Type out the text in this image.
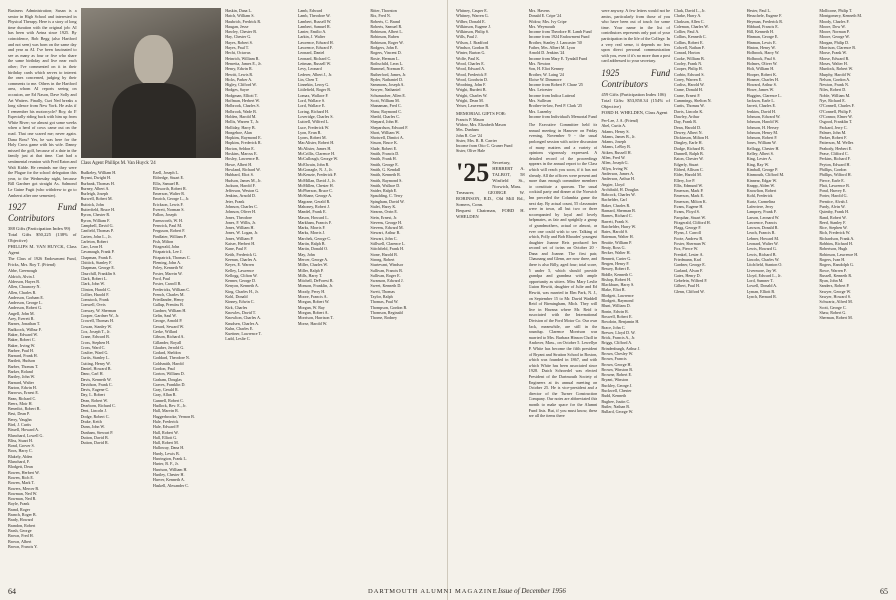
Business Administration; Susan is a senior in High School and interested in Physical Therapy. Here is a story of long time duration with the original job: AI has been with Aetna since 1925. By coincidence, Bob Begg (also Hartford and not seen) was born on the same day and year as AI. I've been fascinated to see as many as four or five who share the same birthday and live near each other; I've commented on it in their birthday cards which serves to interest the ones concerned, judging by their comments to me. Others in the Hartford area, whom AI reports seeing on occasion, are Ed Nason, Dave Solly and Art Watters. Finally, Curt Ned breaks a long silence from New York. He asks if I remember his motorcycle? Boy, do I! Especially riding back with him up from White River; we almost got some weeks when a herd of cows came out on the road. That one scared me; never again. Dana Boss? Yes, he was here for the Holy Cross game with his wife. Danny missed the golf, because of a date in the family just at that time. Curt had a sentimental reunion with Fred Eaton and Walt Kidde. He reminds me they were the Plague for the school delegation this year, to the Wednesday night, because Bill Gardner got straight As. Salmond Le Guine Fugit (who withdrew to go to Amherst after one semester).

1927 Fund Contributors
388 Gifts (Participation Index 99)
Total Gifts $50,225 (138% of Objective)
PHILLIPS M. VAN HUYCK, Class Agent

The Class of 1926 Endowment Fund, Fricks, Mrs. Roy T. (Friend)

Abbe, Greenough
Aldrich, Alvin J.
Alderson, Hayes B.
Allen, Chauncey N.
Allen, Charles R.
Anderson, Gorham E.
Anderson, George L.
Anderson, Robert G.
Angell, John M.
Arey, Everett R.
Barnes, Jonathan T.
Badkcock, Wilbur F.
Baker, Edward W.
Baker, Robert C.
Baker, Irving W.
Barbee, Paul H.
Barnard, Frank H.
Bartlett, Hudson
Barber, Thomas T.
Barker, Roland
Bartley, John W.
Barnard, Walter
Barton, Edwin H.
Barrows, Ernest E.
Bean, Richard C.
Beers, Moir H.
Benedict, Robert R.
Best, Dean P.
Berry, Vaughn
Bird, J. Curtis
Bissell, Howard A.
Blanchard, Lowell G.
Bliss, Stuart H.
Bond, Grover S.
Boos, Harry C.
Blakely, Alden
Blanchard, F.
Blodgett, Dean
Bowen, Herbert W.
Bowen, Rich E.
Bowen, Mark T.
Bowers, Mercer B.
Bowman, Ned W.
Bowman, Ned R.
Boyle, Frank
Brand, Roger
Branch, Roger B.
Brady, Howard
Brandon, Robert
Brash, George
Brown, Fred H.
Brown, Albert
Brown, Francis Y.
Class Agent Phillips M. Van Huyck '24
Budkeley, William H.
Bryant, Dwight H.
Burbank, Thomas H.
Burney, Albert A.
Burleigh, Joseph
Burwell, Robert M.
Buttrick, John
Butterfield, Bruce H.
Byron, Chester R.
Byron, William F.
Campbell, David G.
Canfield, Thomas P.
Carten, John L., Jr.
Carleton, Robert
Carr, Leon H.
Cavanaugh, Frank P.
Chapman, Frank E.
Chittick, Stanley F.
Chapman, George E.
Churchill, Franklin S.
Clark, Robert L.
Clark, John W.
Clinton, Harold C.
Collier, Harold F.
Comstock, Frank
Conwell, Orvis
Conway, W. Sherman
Cooper, Gardner W., Jr.
Crowell, Thomas H.
Cowan, Stanley W.
Cox, Joseph T., Jr.
Crane, Edward B.
Cross, Stephen H.
Cross, Ward C.
Coulter, Ward G.
Curtis, Stanley L.
Cutting, Henry W.
Daniel, Howard B.
Dano, Carl H.
Davis, Kenneth W.
Davidson, Frank C.
Davis, Eugene C.
Day, L. Robert
Dean, Robert W.
Dearborn, Richard C.
Dent, Lincoln J.
Dodge, Robert C.
Drake, Keith
Dunn, John W.
Dunham, Stewart P.
Dutton, David B.
Dutton, David R.
Ezell, Joseph L.
Eldredge, Stuart E.
Ellis, Samuel B.
Ellsworth, Robert R.
Emerson, Walter R.
Emrich, George L., Jr.
Erickson, Lewis F.
Everett, Norman S.
Fallon, Joseph
Farnsworth, W. H.
Fenwick, Paul M.
Ferguson, Robert F.
Findlater, William P.
Fish, Milton
Fitzgerald, John
Fitzpatrick, Lee J.
Fitzpatrick, Thomas C.
Fleming, John A.
Foley, Kenneth W.
Foster, Marvin W.
Ford, Paul
Foster, Carroll B.
Fredericks, William C.
French, Charles M.
Friedlander, Henry
Gallup, Prentiss B.
Gardner, William H.
Gelin, Saul W.
George, Arnold P.
Gerard, Seward W.
Gerke, Willard
Gibson, Richard A.
Gillander, Royall
Glauber, Jerrold G.
Godard, Sheldon
Goddard, Theodore N.
Goldsmith, Harold
Gordon, Paul
Gorton, William D.
Graham, Douglas
Graves, Franklin D.
Gray, Gerald R.
Gray, Allan R.
Gunnell, Robert C.
Hadlock, Rev. E., Jr.
Hall, Marvin R.
Haggerbrooke, Vernon B.
Hale, Frederick
Hale, Edward P.
Hall, Robert W.
Hall, Elliott G.
Hall, Robert M.
Halloway, Dana H.
Hardy, Lewis B.
Harrington, Frank L.
Harter, B. F., Jr.
Harrison, William H.
Hartley, Chester H.
Harver, Kenneth A.
Haskell, Alexander C.
Haskin, Dana L.
Hatch, William S.
Haubrich, Fredrick R.
Haugan, Jesse
Hawley, Chester B.
Hay, Chester G.
Hayes, Robert S.
Hayes, Paul T.
Hecht, Octavus
Heinrich, William R.
Henretta, James E., Jr.
Henry, Edwin R.
Hewitt, Lewis R.
Hicks, Parker A.
Higley, Clifford W.
Hodges, Sayre
Hodgman, Elliott T.
Hoffman, Herbert W.
Holbrook, Charles S.
Holbrook, Wade B.
Holden, Harold M.
Hollis, Warren T., Jr.
Holliday, Harry B.
Hongeboe, Alan
Hopkins, Raymond E.
Hopkins, Frederick R.
Horton, Seldon E.
Hoskins, Marcus E.
Hosley, Lawrence B.
Howe, Albert H.
Howland, Richard W.
Hubbard, Eliot S.
Hudson, James M., Jr.
Jackson, Harold F.
Jefferson, Weston G.
Jenkins, Arnold D.
Jeter, Frank
Johnson, Charles C.
Johnson, Oliver H.
Jones, Theodore
Jones, F. Willis, Jr.
Jones, William H.
Jones, W. Logan, Jr.
Jones, William P.
Kaiser, Herbert H.
Kane, Paul F.
Keith, Frederick G.
Keenan, Charles A.
Keyes, E. Warren
Kelley, Lawrence
Kellogg, Clifton W.
Kenner, George D.
Kenyon, Kenneth A.
King, Charles H., Jr.
Kohl, Donald
Kinney, Edwin C.
Kirk, Charles
Knowles, David T.
Knowlton, Charles A.
Knudsen, Charles A.
Kuhn, Charles E.
Kuettner, Lawrence T.
Ladd, Leslie C.
Lamb, Edward
Lamb, Theodore W.
Lambert, Russell W.
Lambert, Samuel R.
Lanier, Emilio A.
Larkin, J. Walter
Lawrence, Edward H.
Lawrence, Edward F.
Leonard, Daniel
Leonard, Richard C.
Lettman, Russell W.
Levy, Leonard
Lederer, Albert J., Jr.
Lin, Chen T.
Linnekin, Leroy G.
Littlefield, Roger B.
Lomax, Wallace F.
Lord, Wallace S.
Lord, Wallace E.
Loring, Richard H.
Loveridge, Charles S.
Luttrell, Wilfred L.
Luce, Frederick W.
Lyon, Evan R.
Lyons, Robert M.
MacAlister, Robert H.
McAlister, James H.
McCrillis, Clarence H.
McCullough, George W.
McElwain, John R.
McGonagle, N. J., Jr.
McKenzie, Frederick P.
McMillan, David J., Jr.
McMillen, Chester H.
McPherson, Bruce C.
McShane, George A.
Magrane, Gerald R.
Mahoney, Robert J.
Mandel, Frank E.
Mason, Howard L.
Markham, Francis F.
Marks, Morris F.
Marks, Morris J.
Marchek, George C.
Martin, Ralph B.
Martin, Donald O.
May, John
Mercer, George A.
Miller, Charles W.
Miller, Ralph P.
Mills, Harry T.
Mitchell, DeForest B.
Monson, Franklin, Jr.
Moody, Perry H.
Moore, Francis A.
Morgan, Robert W.
Morgan, W. Ray
Morgan, Robert A.
Morrison, Harrison T.
Morse, Harold W.
Ritter, Thornton
Rix, Fred N.
Roberts, C. Brand
Roberts, Samuel R.
Robinson, Albert L.
Robinson, Ruben
Robinson, Roger W.
Rodgers, John E.
Rogers, Vincent D.
Rosie, Herman L.
Rothschild, Leon L.
Rummel, Norman E.
Rutherford, James, Jr.
Ryder, Nathaniel D.
Sammons, Joseph A.
Sawyer, Nathaniel
Schumacher, Allen E.
Scott, William M.
Shanaman, Fred C.
Shaw, Raymond C.
Shedd, Charles C.
Shepard, John H.
Shepardson, Edward F.
Short, William W.
Shotwell, Dimitri A.
Sisson, Bruce K.
Slade, Robert E.
Smith, Francis D.
Smith, Frank H.
Smith, George E.
Smith, G. Kendall
Smith, Kenneth R.
Smith, Raymond S.
Smith, Wallace D.
Snider, Ralph E.
Spaulding, C. Terry
Spingham, David W.
Stalet, Harry K.
Stearns, Orrin E.
Stein, Ernest, Jr.
Stevens, George H.
Stevens, Edward M.
Stewart, Arthur B.
Stewart, John C.
Stillwell, Clarence L.
Stitchfield, Frank H.
Stone, Harold B.
Strong, Robert
Sturtevant, Windsor
Sullivan, Francis B.
Sullivan, Roger E.
Swanson, Edward J.
Sweet, Kenneth D.
Swett, Thomas
Taylor, Ralph
Thomas, Paul W.
Thompson, Gordon B.
Thomson, Reginald
Thorne, Rodney
Whitney, Casper E.
Whitney, Warren G.
Wilber, Donald E.
Wilkinson, Eugene J.
Wilkinson, Philip S.
Wills, Paul J.
Wilson, J. Bradford
Windsor, Gordon B.
Winter, Burton G.
Wolfe, Paul K.
Wood, Charles E.
Wood, Edward A.
Wood, Frederick F.
Wood, Goodwin D.
Woodring, John F.
Wright, Burdett B.
Wright, Charles W.
Wright, Dean M.
Yeiser, Lawrence B.
MEMORIAL GIFTS FOR:
Francis P. Mason
Widow, Mrs. Elizabeth Mason
Mrs. Dunham
John R. Coe '24
Sister, Mrs. R. B. Carrier
Income from Otto C. Gruner Fund
Sister, Olive Hale
'25 Secretary, HERBERT A. TALBOT, 58 Winfield St., Norwich, Mass.
Treasurer, GEORGE W. ROBINSON, R.D., Old Mill Rd., Somers, Conn.
Bequest Chairman, FORD H. WHELDEN
Mrs. Havens
Donald E. Cripe '24
Widow, Mrs. Ivy Cripe
Mrs. Weymouth
Income from Theodore H. Lamb Fund
Income from 1924 Endowment Fund
Brother, Stanley J. Lancaster '30
Father, Mrs. Albert M. Lyon
Arnold D. Jenkins '24
Income from Mary E. Tyndall Fund
Mrs. Newton
Son, H. Eliot Kenney
Brother, W. Laing '24
Eloise W. Dinsmore
Income from Robert F. Chase '25
Mrs. Leicester
Income from Indica Lutteral
Mrs. Sullivan
Brother-in-law, Fred P. Clark '25
Mrs. Lazenby
Income from Individual's Memorial Fund

The Executive Committee held its annual meeting in Hanover on Friday evening, November 9 - the usual prolonged session with active discussion of many matters and a variety of opinions vigorously expressed. A detailed record of the proceedings appears in the annual report to the Class which will reach you soon, if it has not already. All the officers were present and more than enough committee members to constitute a quorum. The usual cocktail party and dinner at the Norwich Inn preceded the Columbia game the next day. By actual count, 55 classmates were in town, all but two or three accompanied by loyal and lovely helpmates, as fair and sprightly a group of grandmothers, actual or almost, as ever one could wish to see. Talking of which, Polly and Bob Rhoades' youngest daughter Joanne Reis produced her second set of twins on October 20 - Dana and Joanne. The first pair, Chaunang and Glenn, are now three, and there is also Billy, aged four; total score, 5 under 5, which should provide grandpa and grandma with ample opportunity as sitters. Miss Mary Leslie Guion Hewitt, daughter of Julie and Ed Hewitt, was married in Elm Park, N. J., on September 15 to Mr. David Waddell Reid of Birmingham, Mich. They will live in Havana where Mr. Reid is associated with the International Division of the Ford Motor Co. Our own Jack, meanwhile, are still in the roundup. Clarence Morrison was married to Mrs. Barbara Hinson Choll in Andover, Mass., on October 5. Lewellyn P. White has become the fifth president of Bryant and Stratton School in Boston, which was founded in 1867, and with which White has been associated since 1928. Dutch Schroedel was elected President of the Dartmouth Society of Engineers at its annual meeting on October 25. He is vice-president and a director of the Turner Construction Company. Our notes are abbreviated this month to make space for the Alumni Fund lists. But, if you must know, these are all the items there

were anyway. A few letters would not be amiss, particularly from those of you who have been out of touch for some time. Your name in the list of contributors represents only part of your participation in the life of the College. In a very real sense, it depends no less upon direct personal communication with you, even if it's no more than a post card addressed to your secretary.

1925 Fund Contributors
459 Gifts (Participation Index 106)
Total Gifts: $53,850.34 (154% of Objective)
FORD H. WHELDEN, Class Agent
Per-Lee, J. A. (Friend)
Abel, Curtis A.
Adams, Henry S.
Adams, James B., Jr.
Adams, Joseph
Adams, LeRoy B.
Aitken, Russell H.
Allen, Fred W.
Allen, Joseph G.
Allyn, Irving W.
Anderson, James A.
Anderson, Arthur H.
Angier, Lloyd
Archibald, H. Douglas
Babcock, Charles W.
Bachelder, Carl
Baker, Charles R.
Barnard, Sherman B.
Barnes, Richard C.
Barrett, Frank S.
Batchelder, Harry W.
Bates, Harold S.
Bateman, Walter H.
Beattie, William P.
Beaty, Ross G.
Becker, Walter H.
Bennett, Carter G.
Bergen, Henry F.
Bessey, Robert E.
Biddle, Kenneth C.
Bishop, Robert H.
Blackburn, Harry S.
Blake, Eliot R.
Blodgett, Lawrence
Blodgett, Raymond
Blunt, William D.
Bonin, Edwin R.
Boswell, Robert E.
Bowdoin, Benjamin H.
Brace, John C.
Brewer, Lloyd D. W.
Brick, Francis A., Jr.
Briggs, Clifford A.
Brindenburgh, Arthur J.
Brown, Chesley W.
Brown, Francis
Brown, George H.
Brown, Winston B.
Browne, Robert E.
Bryant, Winston
Buckley, George J.
Buckwell, Chester
Budd, Kenneth
Bugbee, Justin C.
Butler, Nathan B.
Bullard, George W.
Clark, David L., Jr.
Clarke, Harry A.
Clarkson, Allen C.
Coleman, Charles W.
Collier, Paul A.
Collins, Kenneth C.
Collins, Robert E.
Colwell, Nathan F.
Conrad, Horton
Cooke, William B.
Cooley, Frank N.
Cooper, Philip H.
Corbin, Edward S.
Corey, Warren E.
Corliss, Harold W.
Crane, Donald H.
Crane, Ernest F.
Cummings, Shelton N.
Curtis, Thomas W.
Davis, Lincoln K.
Dawley, Arthur
Day, Frank R.
Dean, Harold D.
Dewey, Albert N.
Dickinson, Milton H.
Dingley, Earle H.
Dodge, Richard B.
Dunnell, Ralph B.
Eaton, Chester W.
Edgerly, Stuart
Eldred, Allison C.
Elder, Harold M.
Ellery, Joe P.
Ellis, Edmund W.
Emerson, Mark P.
Emerson, Mark E.
Emerson, Milton K.
Evans, Eugene H.
Evans, Floyd S.
Farquhar, Stuart W.
Fitzgerald, Clifford H.
Flagg, George F.
Flynn, J. Carroll
Foote, Andrew B.
Foster, Sherman W.
Fox, Pierce W.
Frenkel, Lester A.
Friedmann, Karl
Gardner, George E.
Garland, Alvan F.
Gates, Henry D.
Gebelein, Wilfred F.
Gilbert, Paul H.
Glenn, Clifford W.
Hester, Paul L.
Heuschele, Eugene F.
Heyman, Frederick R.
Hibbard, Francis E.
Hill, Kenneth H.
Hinman, George E.
Hinman, Lewis E.
Hinton, Henry W.
Holbrook, Harry W.
Holbrook, Paul S.
Holmes, Oliver W.
Holt, William H.
Hooper, Robert K.
Hosmer, Charles H.
Howard, Arthur S.
Howe, James W.
Huggins, Clarence L.
Jackson, Earle L.
Jarrett, Charles E.
Jenkins, David H.
Johnson, Edward W.
Johnson, Harold W.
Johnson, H. Hersey
Johnson, Henry M.
Johnson, Robert F.
Jones, William W.
Kellogg, Chester H.
Kelley, Albert S.
King, Lester A.
King, Ray W.
Kimball, George P.
Kinmouth, Clifford M.
Kinnear, Edgar W.
Knapp, Alden W.
Knowlton, Robert
Kohl, Frederick
Kurtz, Carmelina
Laferriere, Jerry
Lamprey, Frank F.
Larson, Leonard W.
Lawrence, Francis
Lawson, Donald R.
Leach, Francis R.
Lebner, Howard M.
Leonard, Walter W.
Lewis, Howard G.
Lewis, Richard B.
Lincoln, Charles W.
Litchfield, Stanton O.
Livermore, Jay W.
Lloyd, Edward L., Jr.
Lord, Sumner T.
Lowell, Donald A.
Lyman, Elliott B.
Lynch, Bernard R.
Mollicone, Philip T.
Montgomery, Kenneth M.
Moody, Charles F.
Moore, Dow W.
Moore, Norman P.
Moore, George W.
Morgan, Philip D.
Morrison, Clarence B.
Morse, Frank W.
Morse, Edward R.
Moses, Walter H.
Murdock, Robert W.
Murphy, Harold W.
Nelson, Gordon A.
Newton, Frank N.
Niles, Robert D.
Noble, William M.
Nye, Richard E.
O'Connell, Charles F.
O'Connell, Philip F.
O'Connor, Elmer W.
Osgood, Franklin T.
Packard, Jerry C.
Palmer, John M.
Parker, Robert F.
Patterson, M. Welles
Peabody, Herbert E.
Pease, Clifford C.
Perkins, Richard F.
Peyton, Edward H.
Phillips, Gordon
Phillips, Wilford H.
Pierce, Earle E.
Platt, Lawrence B.
Pond, Harvey E.
Porter, Harold G.
Prentice, Alvah J.
Purdy, Alvin W.
Quimby, Frank H.
Rand, Robert W.
Reed, Stanley F.
Rice, Stephen W.
Rich, Frederick W.
Richardson, Frank A.
Robbins, Richard H.
Robertson, Hugh
Robinson, Lawrence H.
Rogers, Ivan H.
Rogers, Randolph G.
Rowe, Warren F.
Russell, Kenneth R.
Ryan, John M.
Sanders, Robert P.
Sawyer, George W.
Sawyer, Howard S.
Schwartz, Alfred M.
Scott, George C.
Shaw, Robert G.
Sherman, Robert M.
64	DARTMOUTH ALUMNI MAGAZINE Issue of December 1956	65
